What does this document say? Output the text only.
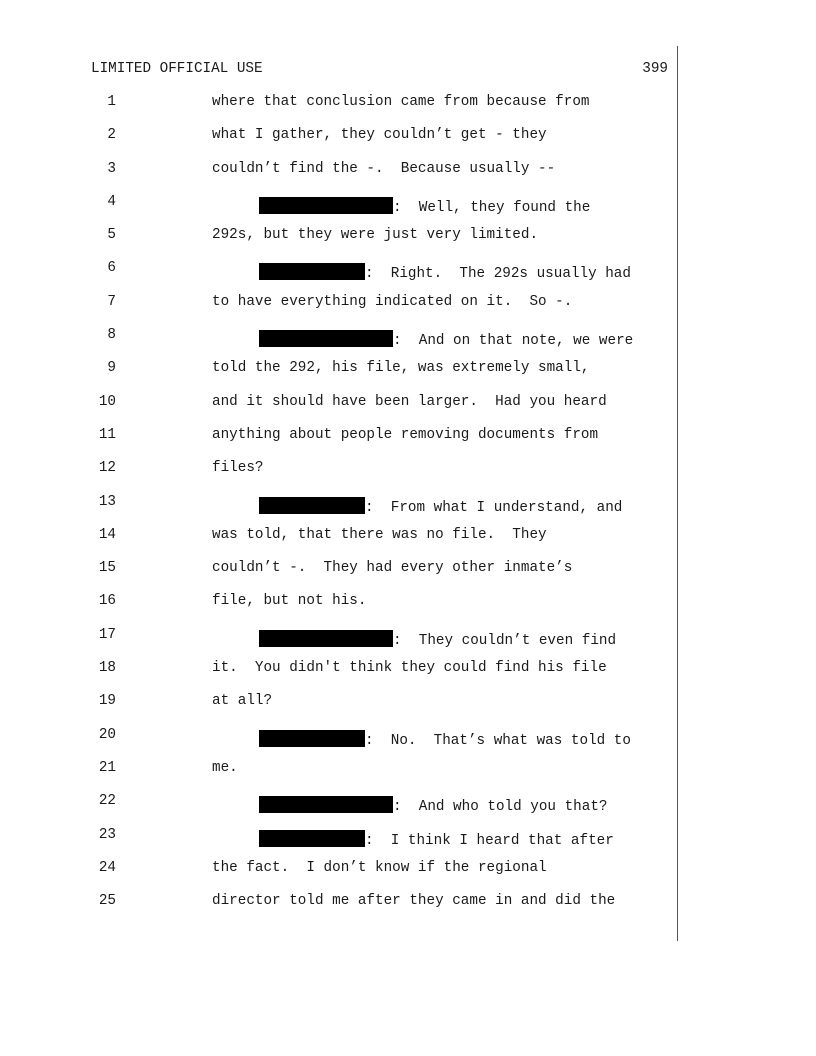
LIMITED OFFICIAL USE	399
1	where that conclusion came from because from
2	what I gather, they couldn’t get - they
3	couldn’t find the -.  Because usually --
4	:  Well, they found the
5	292s, but they were just very limited.
6	:  Right.  The 292s usually had
7	to have everything indicated on it.  So -.
8	:  And on that note, we were
9	told the 292, his file, was extremely small,
10	and it should have been larger.  Had you heard
11	anything about people removing documents from
12	files?
13	:  From what I understand, and
14	was told, that there was no file.  They
15	couldn’t -.  They had every other inmate’s
16	file, but not his.
17	:  They couldn’t even find
18	it.  You didn't think they could find his file
19	at all?
20	:  No.  That’s what was told to
21	me.
22	:  And who told you that?
23	:  I think I heard that after
24	the fact.  I don’t know if the regional
25	director told me after they came in and did the
